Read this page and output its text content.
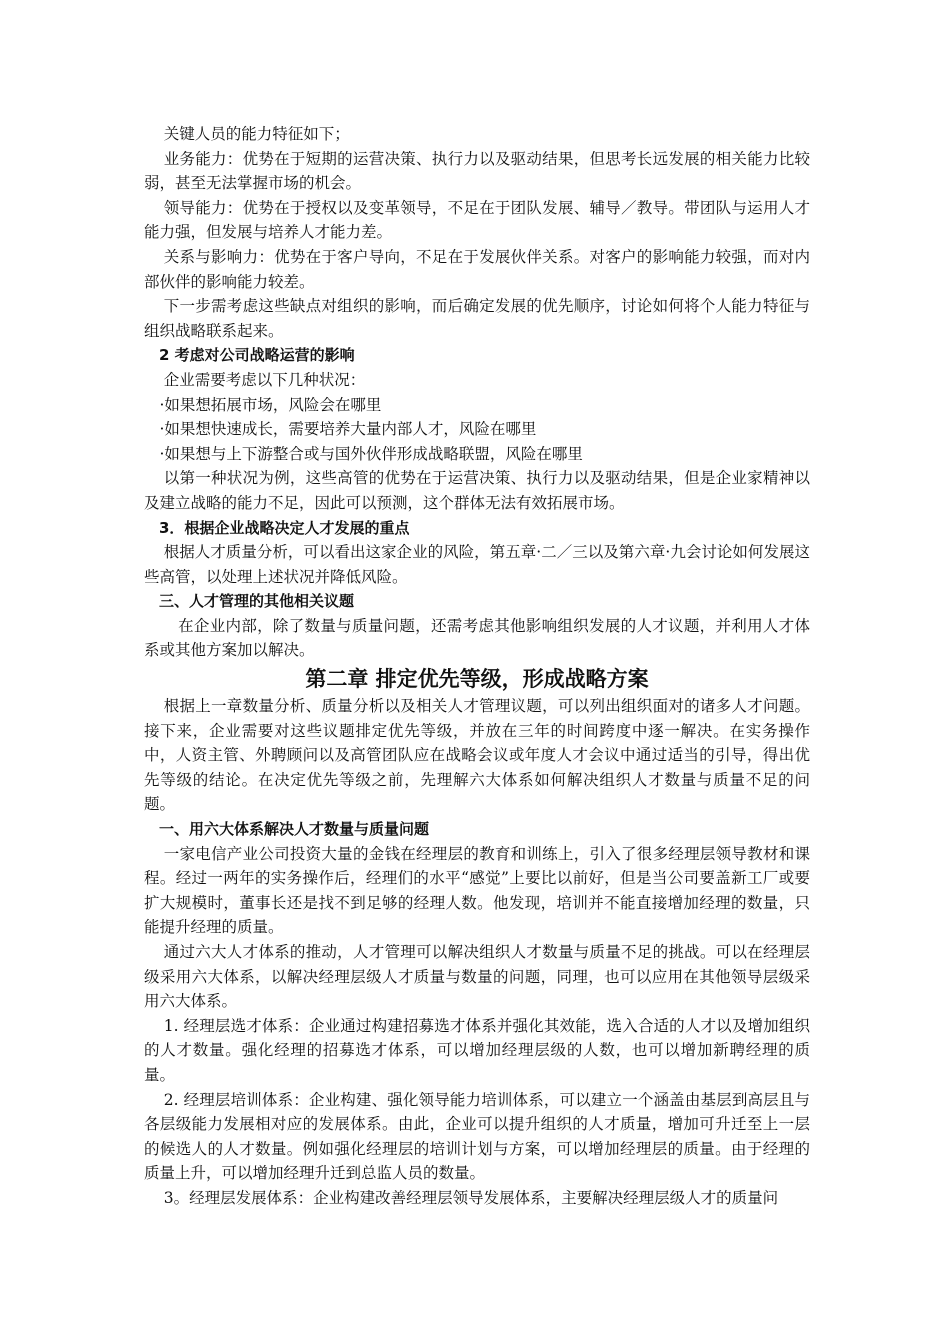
关键人员的能力特征如下；

业务能力：优势在于短期的运营决策、执行力以及驱动结果，但思考长远发展的相关能力比较弱，甚至无法掌握市场的机会。

领导能力：优势在于授权以及变革领导，不足在于团队发展、辅导／教导。带团队与运用人才能力强，但发展与培养人才能力差。

关系与影响力：优势在于客户导向，不足在于发展伙伴关系。对客户的影响能力较强，而对内部伙伴的影响能力较差。

下一步需考虑这些缺点对组织的影响，而后确定发展的优先顺序，讨论如何将个人能力特征与组织战略联系起来。

2 考虑对公司战略运营的影响

企业需要考虑以下几种状况：

·如果想拓展市场，风险会在哪里

·如果想快速成长，需要培养大量内部人才，风险在哪里

·如果想与上下游整合或与国外伙伴形成战略联盟，风险在哪里

以第一种状况为例，这些高管的优势在于运营决策、执行力以及驱动结果，但是企业家精神以及建立战略的能力不足，因此可以预测，这个群体无法有效拓展市场。

3．根据企业战略决定人才发展的重点

根据人才质量分析，可以看出这家企业的风险，第五章·二／三以及第六章·九会讨论如何发展这些高管，以处理上述状况并降低风险。

三、人才管理的其他相关议题

在企业内部，除了数量与质量问题，还需考虑其他影响组织发展的人才议题，并利用人才体系或其他方案加以解决。

第二章 排定优先等级，形成战略方案

根据上一章数量分析、质量分析以及相关人才管理议题，可以列出组织面对的诸多人才问题。接下来，企业需要对这些议题排定优先等级，并放在三年的时间跨度中逐一解决。在实务操作中，人资主管、外聘顾问以及高管团队应在战略会议或年度人才会议中通过适当的引导，得出优先等级的结论。在决定优先等级之前，先理解六大体系如何解决组织人才数量与质量不足的问题。

一、用六大体系解决人才数量与质量问题

一家电信产业公司投资大量的金钱在经理层的教育和训练上，引入了很多经理层领导教材和课程。经过一两年的实务操作后，经理们的水平“感觉”上要比以前好，但是当公司要盖新工厂或要扩大规模时，董事长还是找不到足够的经理人数。他发现，培训并不能直接增加经理的数量，只能提升经理的质量。

通过六大人才体系的推动，人才管理可以解决组织人才数量与质量不足的挑战。可以在经理层级采用六大体系，以解决经理层级人才质量与数量的问题，同理，也可以应用在其他领导层级采用六大体系。

1. 经理层选才体系：企业通过构建招募选才体系并强化其效能，选入合适的人才以及增加组织的人才数量。强化经理的招募选才体系，可以增加经理层级的人数，也可以增加新聘经理的质量。

2. 经理层培训体系：企业构建、强化领导能力培训体系，可以建立一个涵盖由基层到高层且与各层级能力发展相对应的发展体系。由此，企业可以提升组织的人才质量，增加可升迁至上一层的候选人的人才数量。例如强化经理层的培训计划与方案，可以增加经理层的质量。由于经理的质量上升，可以增加经理升迁到总监人员的数量。

3。经理层发展体系：企业构建改善经理层领导发展体系，主要解决经理层级人才的质量问
